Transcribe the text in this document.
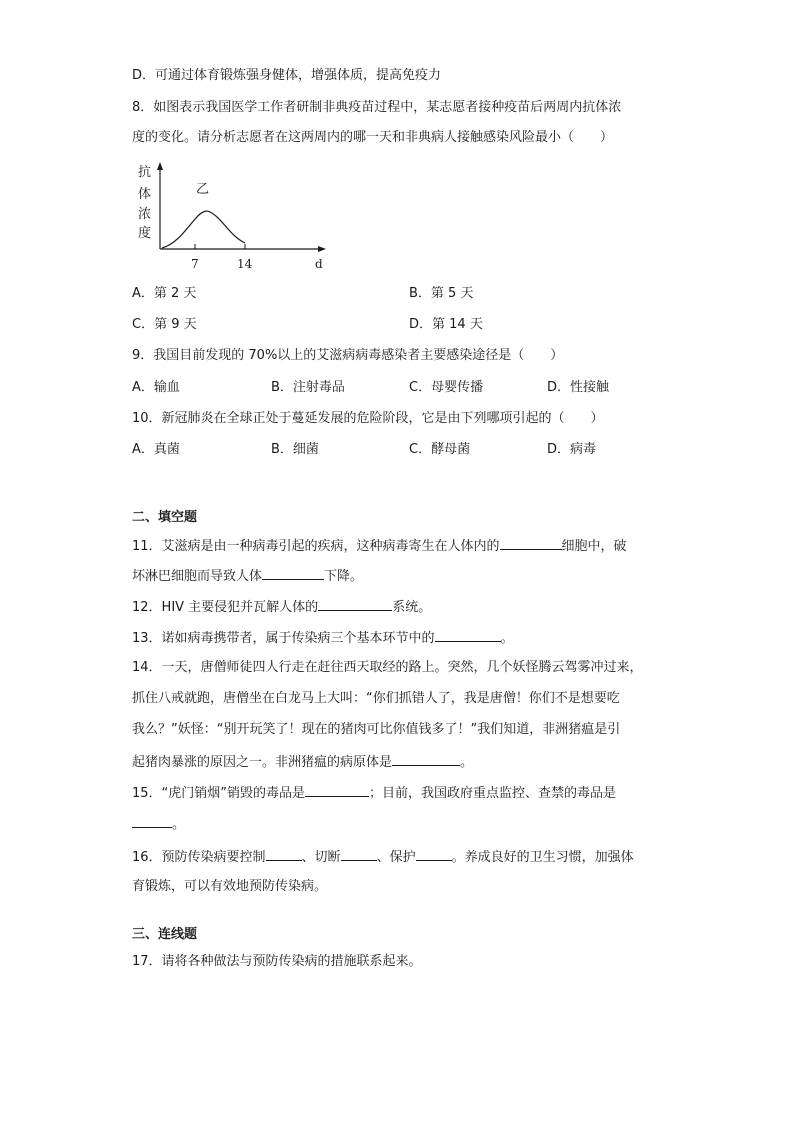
D．可通过体育锻炼强身健体，增强体质，提高免疫力
8．如图表示我国医学工作者研制非典疫苗过程中，某志愿者接种疫苗后两周内抗体浓
度的变化。请分析志愿者在这两周内的哪一天和非典病人接触感染风险最小（　　）
抗
体
浓
度
乙
7	14	d
A．第 2 天	B．第 5 天
C．第 9 天	D．第 14 天
9．我国目前发现的 70%以上的艾滋病病毒感染者主要感染途径是（　　）
A．输血	B．注射毒品	C．母婴传播	D．性接触
10．新冠肺炎在全球正处于蔓延发展的危险阶段，它是由下列哪项引起的（　　）
A．真菌	B．细菌	C．酵母菌	D．病毒
二、填空题
11．艾滋病是由一种病毒引起的疾病，这种病毒寄生在人体内的	细胞中，破
坏淋巴细胞而导致人体	下降。
12．HIV 主要侵犯并瓦解人体的	系统。
13．诺如病毒携带者，属于传染病三个基本环节中的	。
14．一天，唐僧师徒四人行走在赶往西天取经的路上。突然，几个妖怪腾云驾雾冲过来，
抓住八戒就跑，唐僧坐在白龙马上大叫：“你们抓错人了，我是唐僧！你们不是想要吃
我么？”妖怪：“别开玩笑了！现在的猪肉可比你值钱多了！”我们知道，非洲猪瘟是引
起猪肉暴涨的原因之一。非洲猪瘟的病原体是	。
15．“虎门销烟”销毁的毒品是	；目前，我国政府重点监控、查禁的毒品是
。
16．预防传染病要控制	、切断	、保护	。养成良好的卫生习惯，加强体
育锻炼，可以有效地预防传染病。
三、连线题
17．请将各种做法与预防传染病的措施联系起来。
